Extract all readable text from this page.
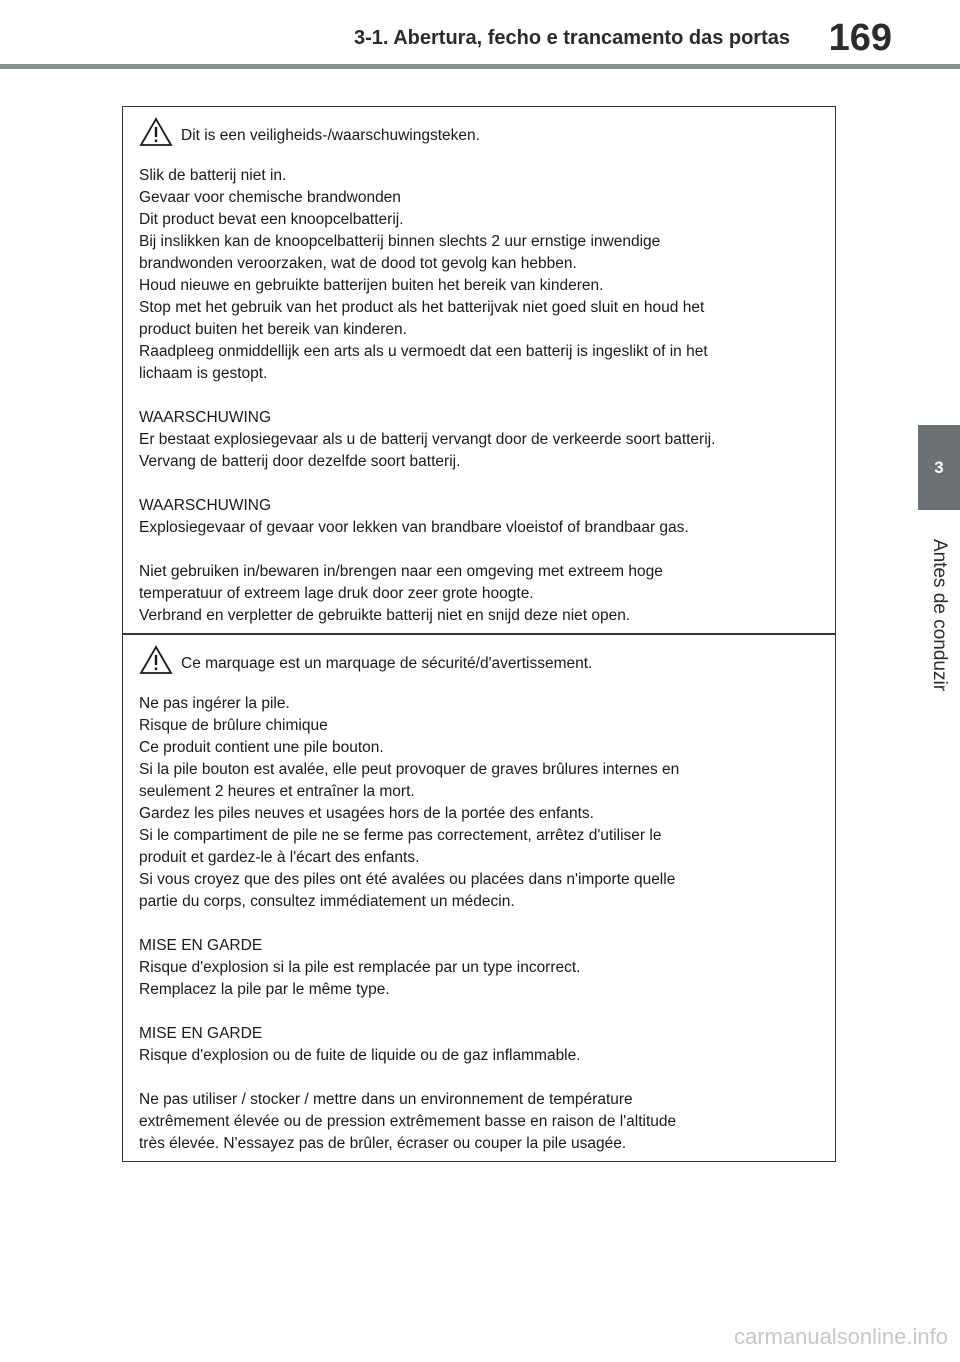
3-1. Abertura, fecho e trancamento das portas 169
3
Antes de conduzir
Dit is een veiligheids-/waarschuwingsteken.
Slik de batterij niet in.
Gevaar voor chemische brandwonden
Dit product bevat een knoopcelbatterij.
Bij inslikken kan de knoopcelbatterij binnen slechts 2 uur ernstige inwendige
brandwonden veroorzaken, wat de dood tot gevolg kan hebben.
Houd nieuwe en gebruikte batterijen buiten het bereik van kinderen.
Stop met het gebruik van het product als het batterijvak niet goed sluit en houd het
product buiten het bereik van kinderen.
Raadpleeg onmiddellijk een arts als u vermoedt dat een batterij is ingeslikt of in het
lichaam is gestopt.
WAARSCHUWING
Er bestaat explosiegevaar als u de batterij vervangt door de verkeerde soort batterij.
Vervang de batterij door dezelfde soort batterij.
WAARSCHUWING
Explosiegevaar of gevaar voor lekken van brandbare vloeistof of brandbaar gas.
Niet gebruiken in/bewaren in/brengen naar een omgeving met extreem hoge
temperatuur of extreem lage druk door zeer grote hoogte.
Verbrand en verpletter de gebruikte batterij niet en snijd deze niet open.
Ce marquage est un marquage de sécurité/d'avertissement.
Ne pas ingérer la pile.
Risque de brûlure chimique
Ce produit contient une pile bouton.
Si la pile bouton est avalée, elle peut provoquer de graves brûlures internes en
seulement 2 heures et entraîner la mort.
Gardez les piles neuves et usagées hors de la portée des enfants.
Si le compartiment de pile ne se ferme pas correctement, arrêtez d'utiliser le
produit et gardez-le à l'écart des enfants.
Si vous croyez que des piles ont été avalées ou placées dans n'importe quelle
partie du corps, consultez immédiatement un médecin.
MISE EN GARDE
Risque d'explosion si la pile est remplacée par un type incorrect.
Remplacez la pile par le même type.
MISE EN GARDE
Risque d'explosion ou de fuite de liquide ou de gaz inflammable.
Ne pas utiliser / stocker / mettre dans un environnement de température
extrêmement élevée ou de pression extrêmement basse en raison de l'altitude
très élevée. N'essayez pas de brûler, écraser ou couper la pile usagée.
carmanualsonline.info
